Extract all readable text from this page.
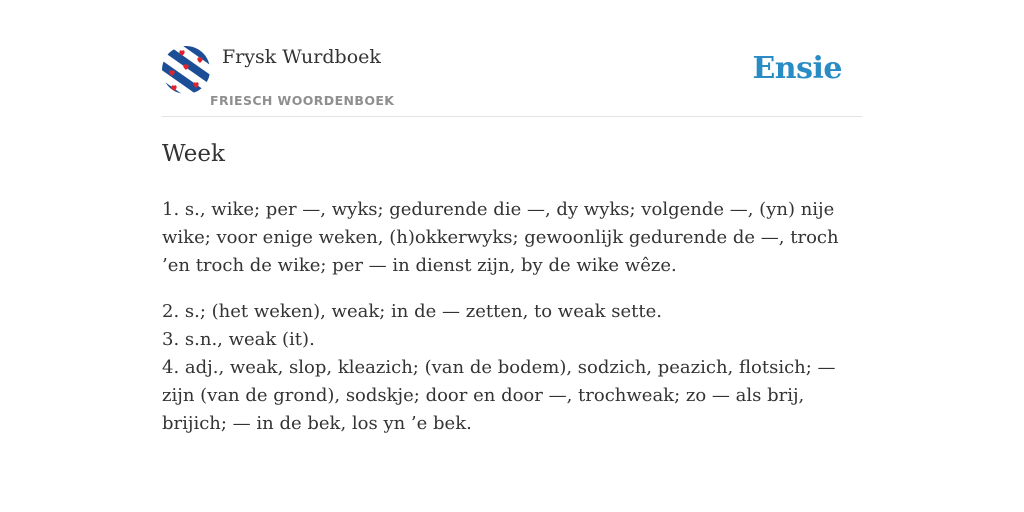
Frysk Wurdboek
FRIESCH WOORDENBOEK
Ensie
Week

1. s., wike; per —, wyks; gedurende die —, dy wyks; volgende —, (yn) nije wike; voor enige weken, (h)okkerwyks; gewoonlijk gedurende de —, troch ’en troch de wike; per — in dienst zijn, by de wike wêze.

2. s.; (het weken), weak; in de — zetten, to weak sette.

3. s.n., weak (it).

4. adj., weak, slop, kleazich; (van de bodem), sodzich, peazich, flotsich; — zijn (van de grond), sodskje; door en door —, trochweak; zo — als brij, brijich; — in de bek, los yn ’e bek.
